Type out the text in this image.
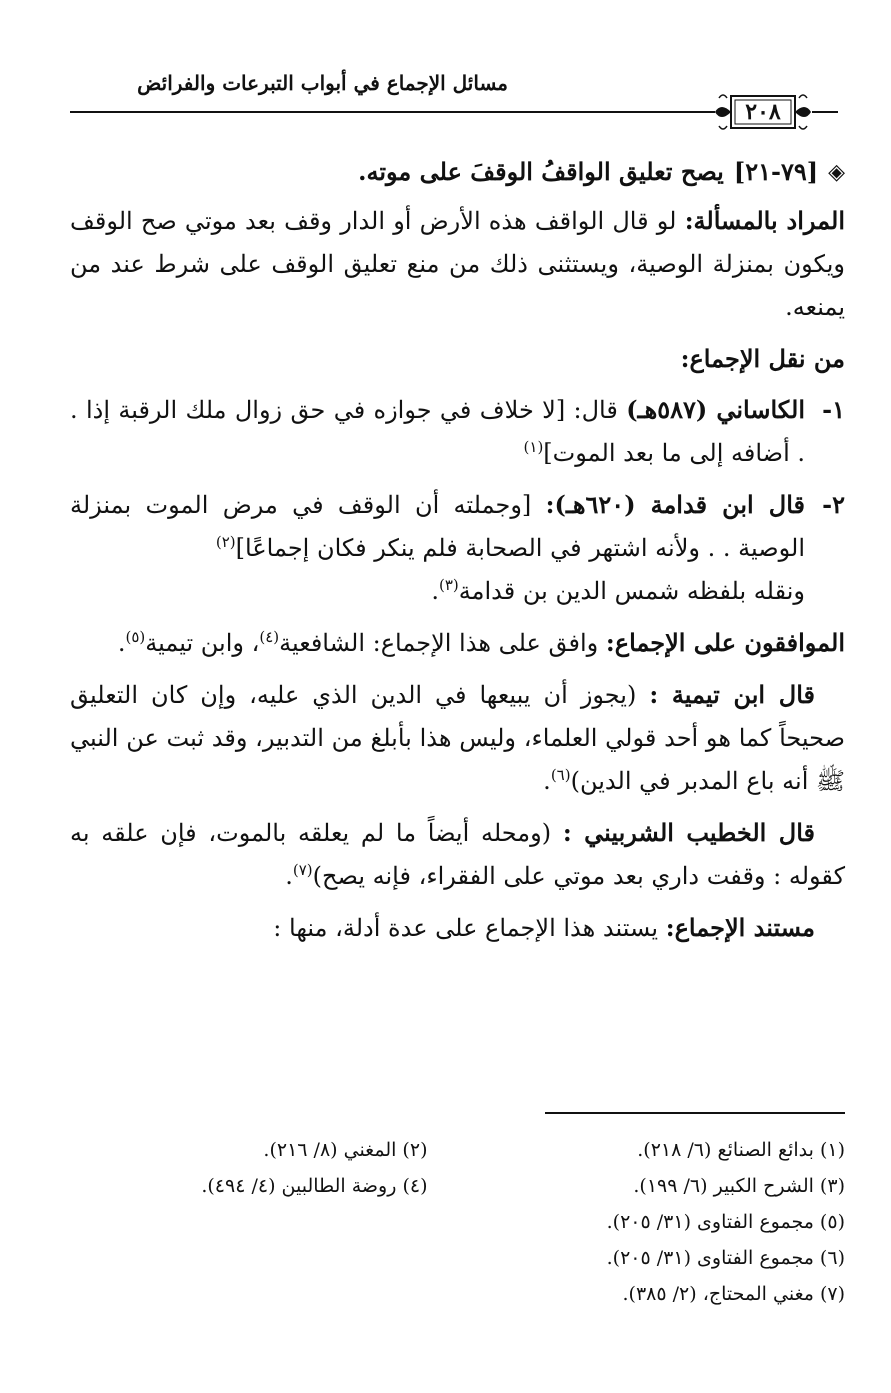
مسائل الإجماع في أبواب التبرعات والفرائض
٢٠٨

◈
[٧٩-٢١]
يصح تعليق الواقفُ الوقفَ على موته.

المراد بالمسألة: لو قال الواقف هذه الأرض أو الدار وقف بعد موتي صح الوقف ويكون بمنزلة الوصية، ويستثنى ذلك من منع تعليق الوقف على شرط عند من يمنعه.

من نقل الإجماع:

١-

الكاساني (٥٨٧هـ) قال: [لا خلاف في جوازه في حق زوال ملك الرقبة إذا . . أضافه إلى ما بعد الموت]$^{(١)}$

٢-

قال ابن قدامة (٦٢٠هـ): [وجملته أن الوقف في مرض الموت بمنزلة الوصية . . ولأنه اشتهر في الصحابة فلم ينكر فكان إجماعًا]$^{(٢)}$

ونقله بلفظه شمس الدين بن قدامة$^{(٣)}$.

الموافقون على الإجماع: وافق على هذا الإجماع: الشافعية$^{(٤)}$، وابن تيمية$^{(٥)}$.

قال ابن تيمية : (يجوز أن يبيعها في الدين الذي عليه، وإن كان التعليق صحيحاً كما هو أحد قولي العلماء، وليس هذا بأبلغ من التدبير، وقد ثبت عن النبي ﷺ أنه باع المدبر في الدين)$^{(٦)}$.

قال الخطيب الشربيني : (ومحله أيضاً ما لم يعلقه بالموت، فإن علقه به كقوله : وقفت داري بعد موتي على الفقراء، فإنه يصح)$^{(٧)}$.

مستند الإجماع: يستند هذا الإجماع على عدة أدلة، منها :

(١) بدائع الصنائع (٦/ ٢١٨).
(٢) المغني (٨/ ٢١٦).
(٣) الشرح الكبير (٦/ ١٩٩).
(٤) روضة الطالبين (٤/ ٤٩٤).
(٥) مجموع الفتاوى (٣١/ ٢٠٥).
(٦) مجموع الفتاوى (٣١/ ٢٠٥).
(٧) مغني المحتاج، (٢/ ٣٨٥).
